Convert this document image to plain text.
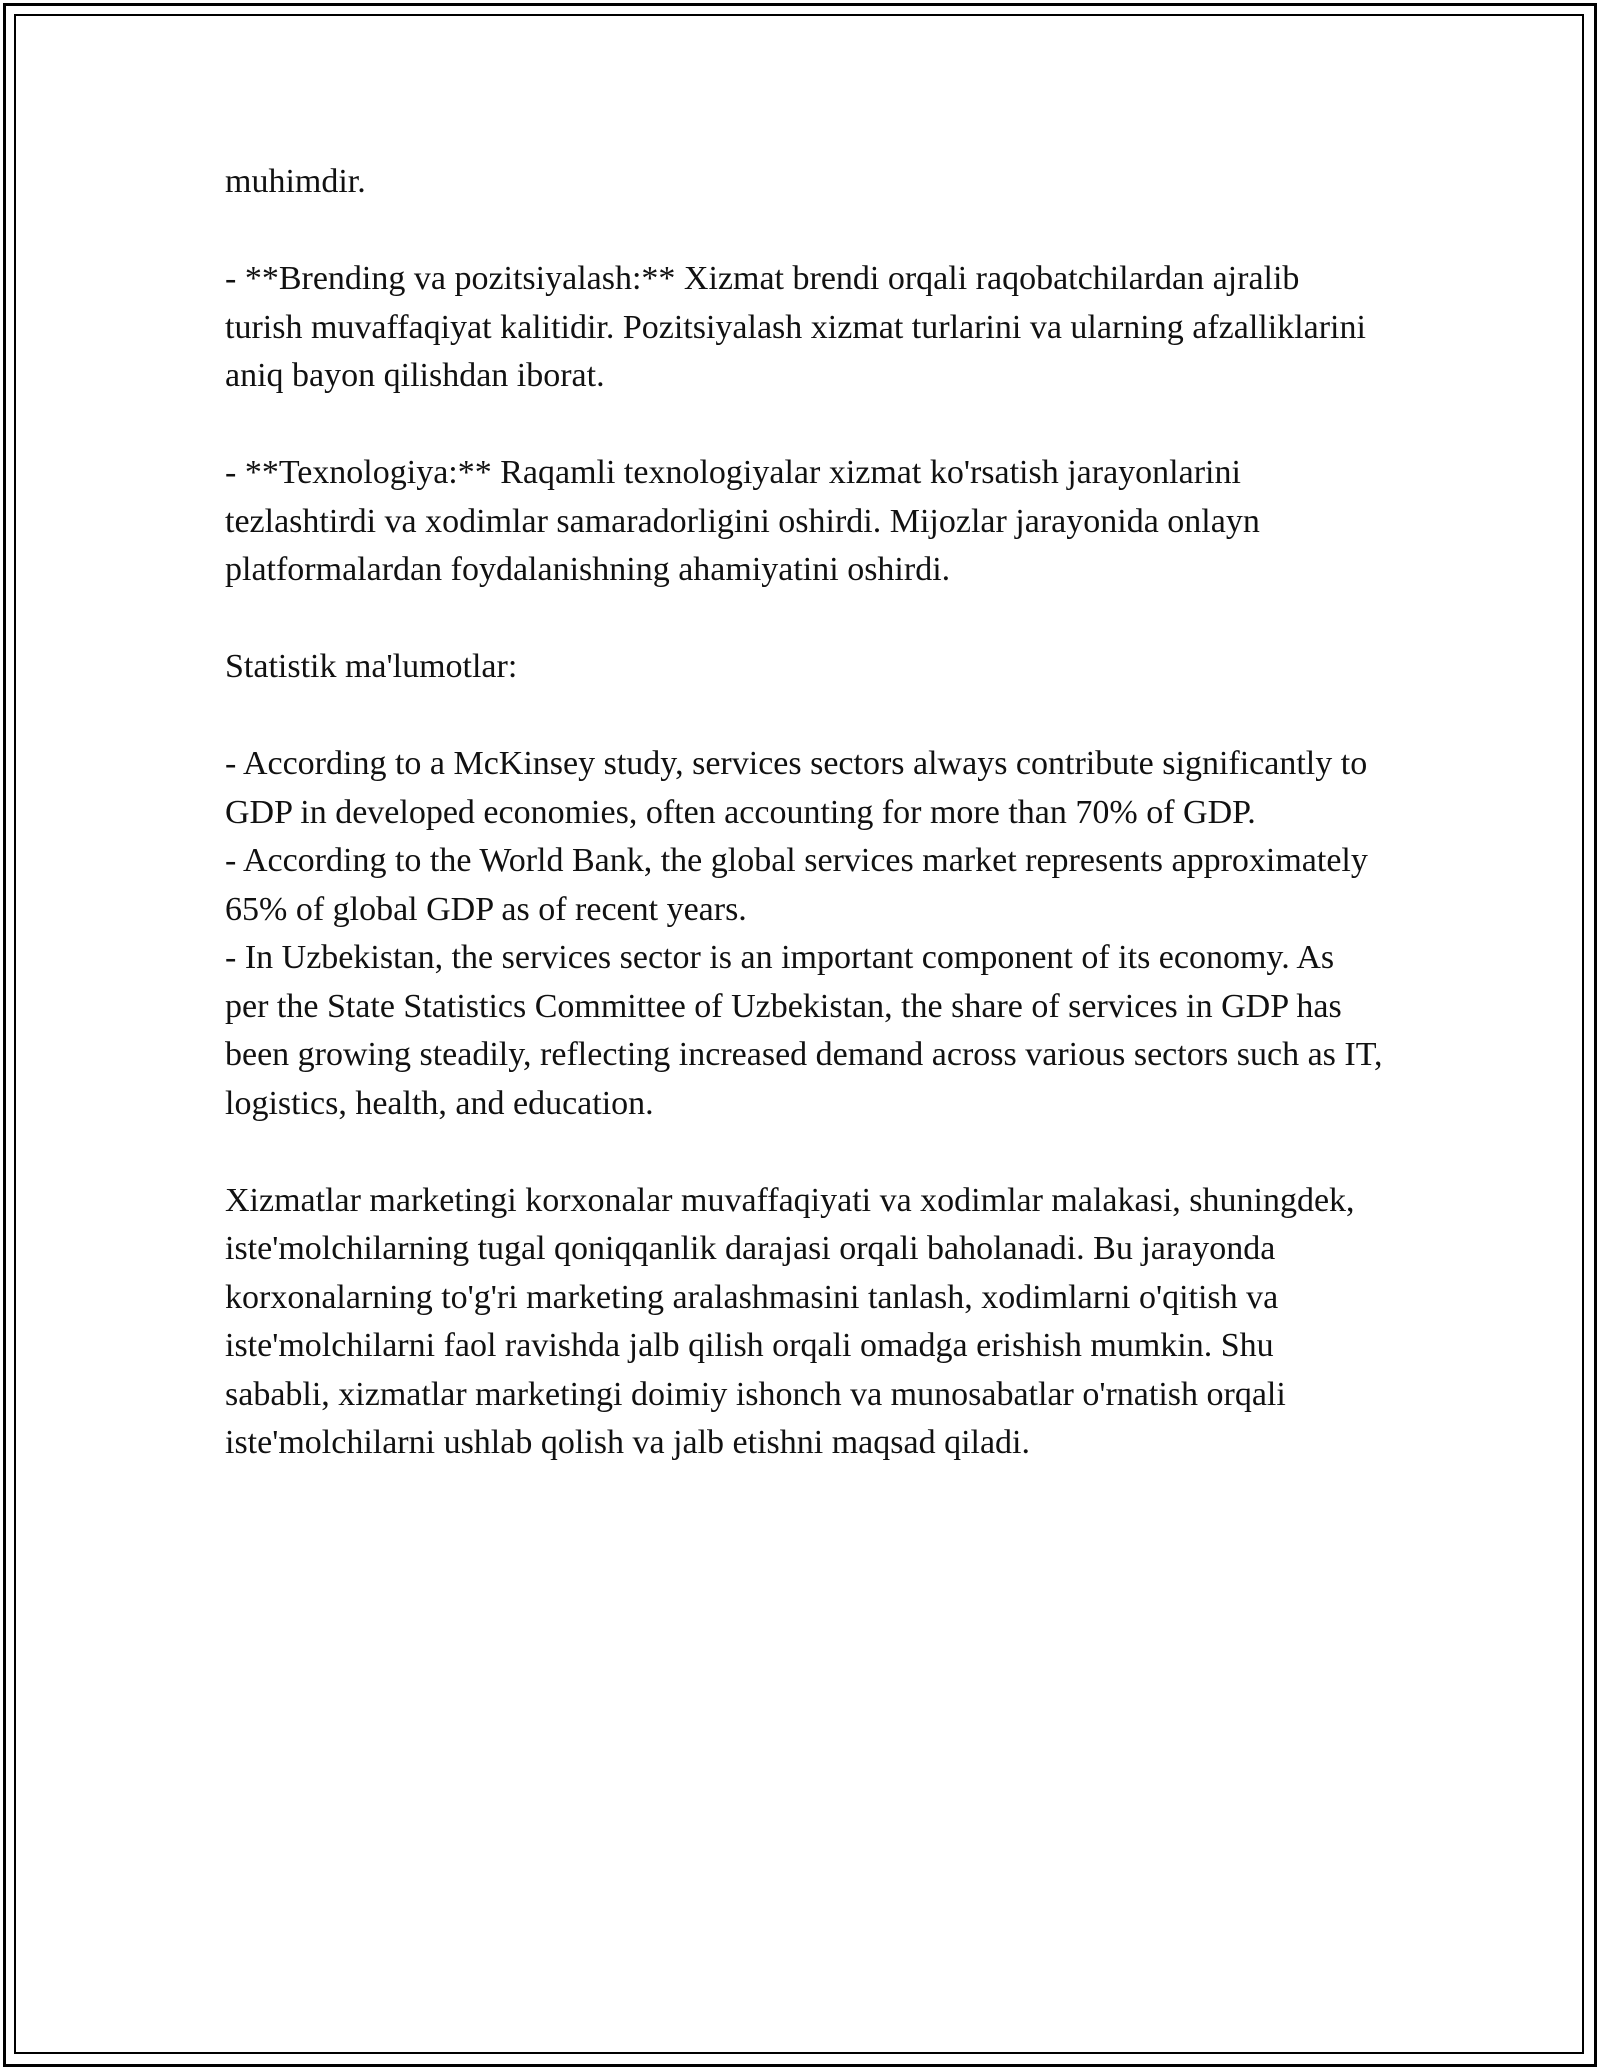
muhimdir.

- **Brending va pozitsiyalash:** Xizmat brendi orqali raqobatchilardan ajralib turish muvaffaqiyat kalitidir. Pozitsiyalash xizmat turlarini va ularning afzalliklarini aniq bayon qilishdan iborat.

- **Texnologiya:** Raqamli texnologiyalar xizmat ko'rsatish jarayonlarini tezlashtirdi va xodimlar samaradorligini oshirdi. Mijozlar jarayonida onlayn platformalardan foydalanishning ahamiyatini oshirdi.

Statistik ma'lumotlar:

- According to a McKinsey study, services sectors always contribute significantly to GDP in developed economies, often accounting for more than 70% of GDP.

- According to the World Bank, the global services market represents approximately 65% of global GDP as of recent years.

- In Uzbekistan, the services sector is an important component of its economy. As per the State Statistics Committee of Uzbekistan, the share of services in GDP has been growing steadily, reflecting increased demand across various sectors such as IT, logistics, health, and education.

Xizmatlar marketingi korxonalar muvaffaqiyati va xodimlar malakasi, shuningdek, iste'molchilarning tugal qoniqqanlik darajasi orqali baholanadi. Bu jarayonda korxonalarning to'g'ri marketing aralashmasini tanlash, xodimlarni o'qitish va iste'molchilarni faol ravishda jalb qilish orqali omadga erishish mumkin. Shu sababli, xizmatlar marketingi doimiy ishonch va munosabatlar o'rnatish orqali iste'molchilarni ushlab qolish va jalb etishni maqsad qiladi.
